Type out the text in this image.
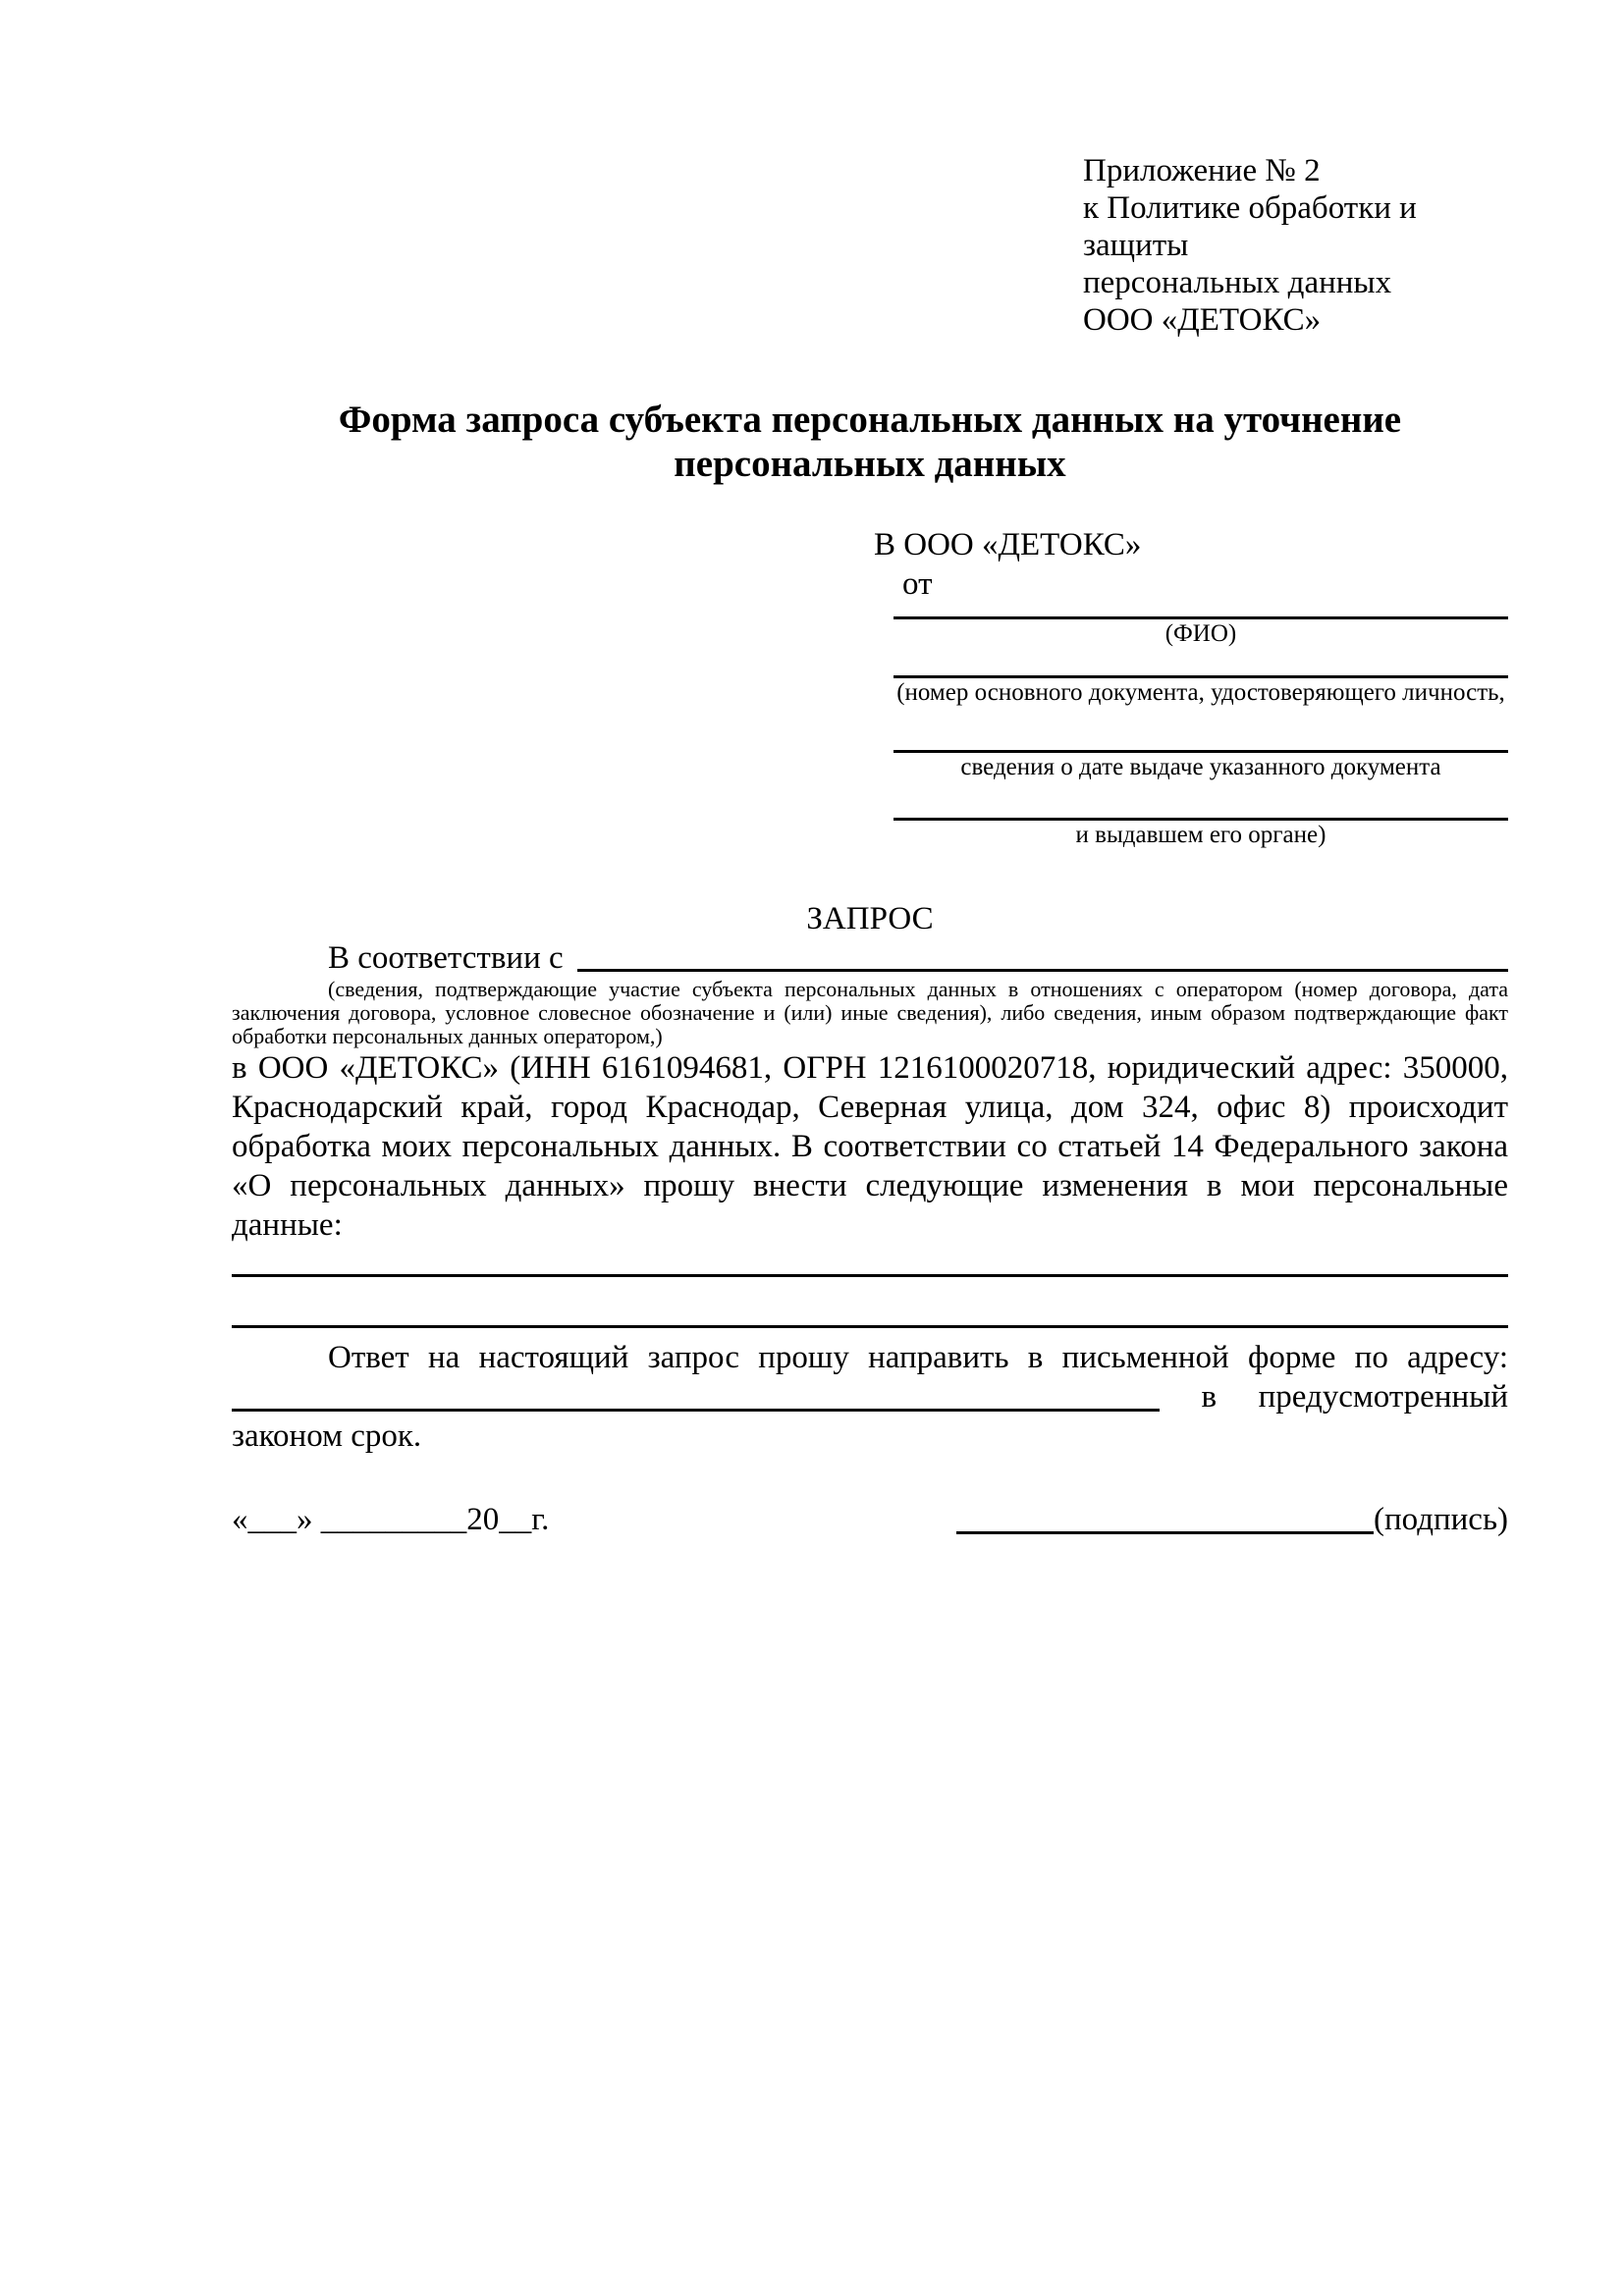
Приложение № 2
к Политике обработки и защиты
персональных данных
ООО «ДЕТОКС»
Форма запроса субъекта персональных данных на уточнение
персональных данных
В ООО «ДЕТОКС»
от
(ФИО)
(номер основного документа, удостоверяющего личность,
сведения о дате выдаче указанного документа
и выдавшем его органе)
ЗАПРОС
В соответствии с
(сведения, подтверждающие участие субъекта персональных данных в отношениях с оператором (номер договора, дата заключения договора, условное словесное обозначение и (или) иные сведения), либо сведения, иным образом подтверждающие факт обработки персональных данных оператором,)
в ООО «ДЕТОКС» (ИНН 6161094681, ОГРН 1216100020718, юридический адрес: 350000, Краснодарский край, город Краснодар, Северная улица, дом 324, офис 8) происходит обработка моих персональных данных. В соответствии со статьей 14 Федерального закона «О персональных данных» прошу внести следующие изменения в мои персональные данные:
Ответ на настоящий запрос прошу направить в письменной форме по адресу:
в предусмотренный
законом срок.
«___» _________20__г.	(подпись)
